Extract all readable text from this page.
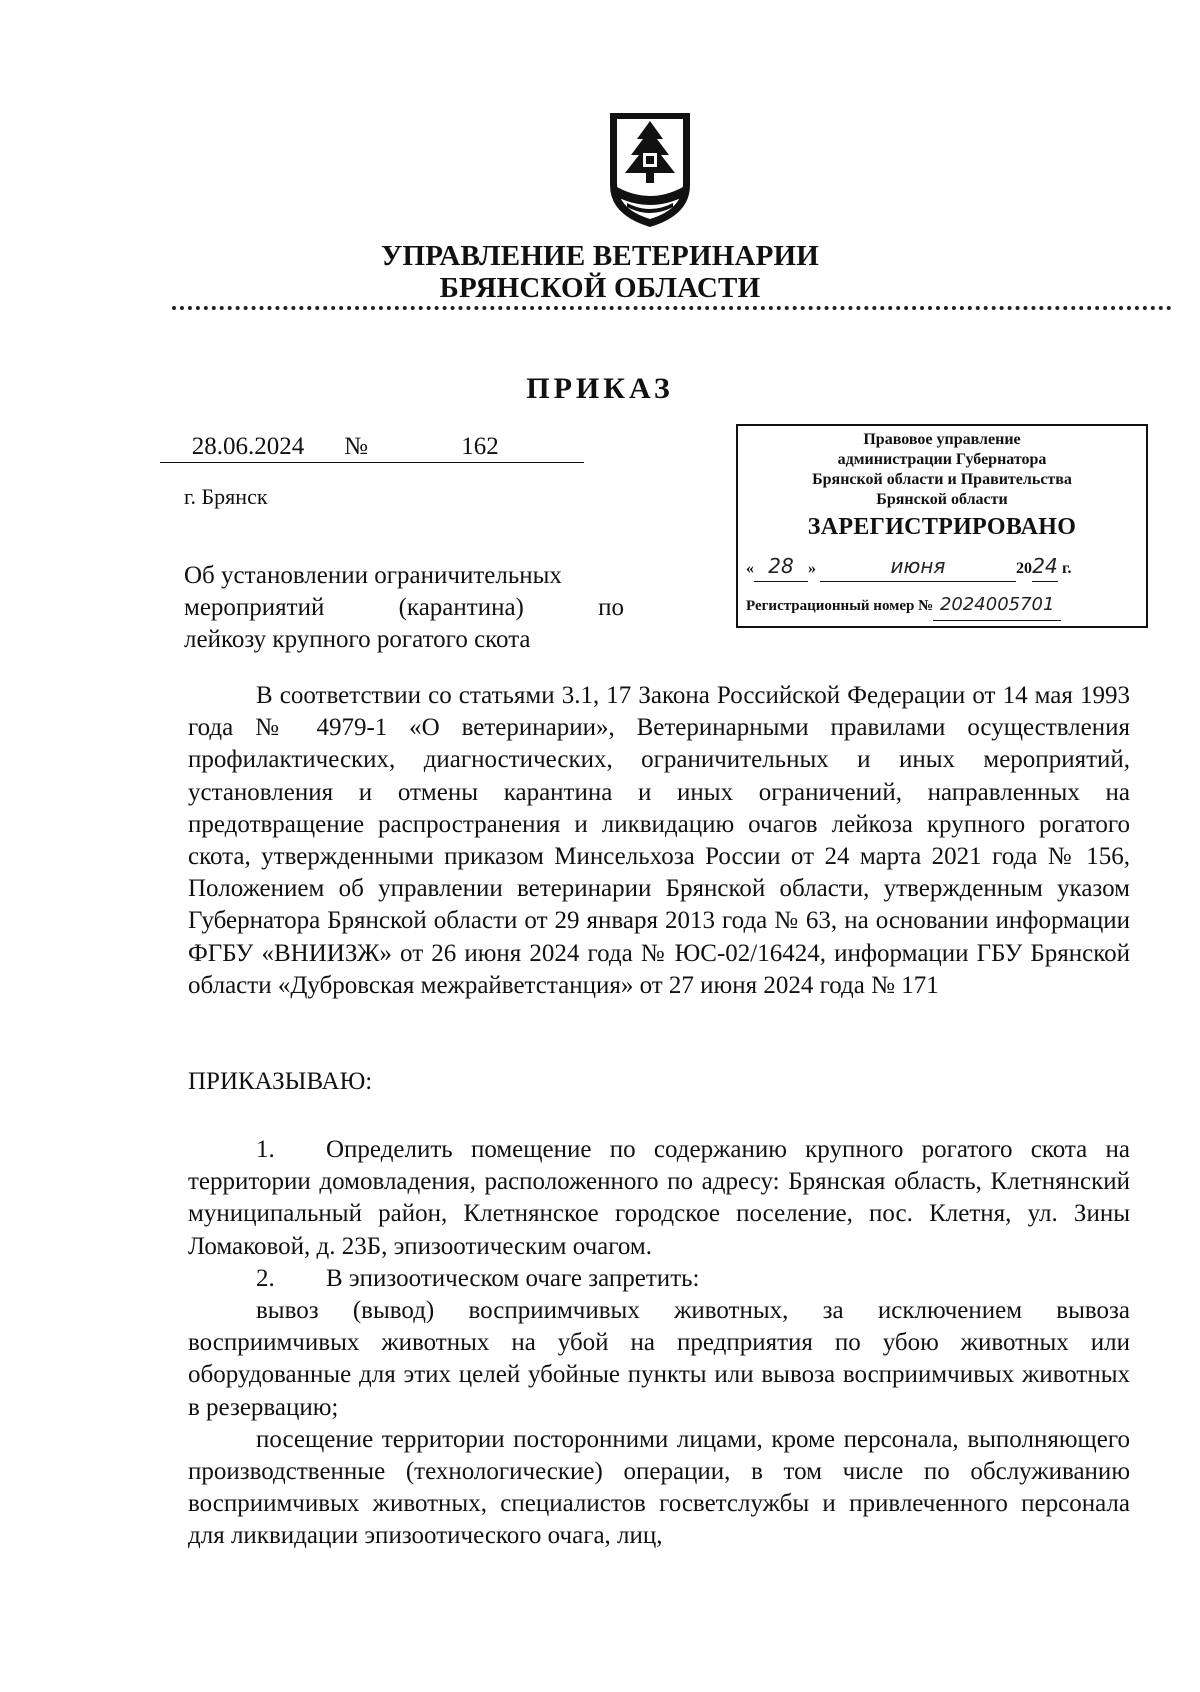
УПРАВЛЕНИЕ ВЕТЕРИНАРИИ
БРЯНСКОЙ ОБЛАСТИ
ПРИКАЗ
28.06.2024 №	162
г. Брянск
Об установлении ограничительных
мероприятий (карантина) по
лейкозу крупного рогатого скота
Правовое управление
администрации Губернатора
Брянской области и Правительства
Брянской области
ЗАРЕГИСТРИРОВАНО
« 28 »	июня	2024 г.
Регистрационный номер № 2024005701

В соответствии со статьями 3.1, 17 Закона Российской Федерации от 14 мая 1993 года № 4979-1 «О ветеринарии», Ветеринарными правилами осуществления профилактических, диагностических, ограничительных и иных мероприятий, установления и отмены карантина и иных ограничений, направленных на предотвращение распространения и ликвидацию очагов лейкоза крупного рогатого скота, утвержденными приказом Минсельхоза России от 24 марта 2021 года № 156, Положением об управлении ветеринарии Брянской области, утвержденным указом Губернатора Брянской области от 29 января 2013 года № 63, на основании информации ФГБУ «ВНИИЗЖ» от 26 июня 2024 года № ЮС-02/16424, информации ГБУ Брянской области «Дубровская межрайветстанция» от 27 июня 2024 года № 171

ПРИКАЗЫВАЮ:

1. Определить помещение по содержанию крупного рогатого скота на территории домовладения, расположенного по адресу: Брянская область, Клетнянский муниципальный район, Клетнянское городское поселение, пос. Клетня, ул. Зины Ломаковой, д. 23Б, эпизоотическим очагом.

2. В эпизоотическом очаге запретить:

вывоз (вывод) восприимчивых животных, за исключением вывоза восприимчивых животных на убой на предприятия по убою животных или оборудованные для этих целей убойные пункты или вывоза восприимчивых животных в резервацию;

посещение территории посторонними лицами, кроме персонала, выполняющего производственные (технологические) операции, в том числе по обслуживанию восприимчивых животных, специалистов госветслужбы и привлеченного персонала для ликвидации эпизоотического очага, лиц,
